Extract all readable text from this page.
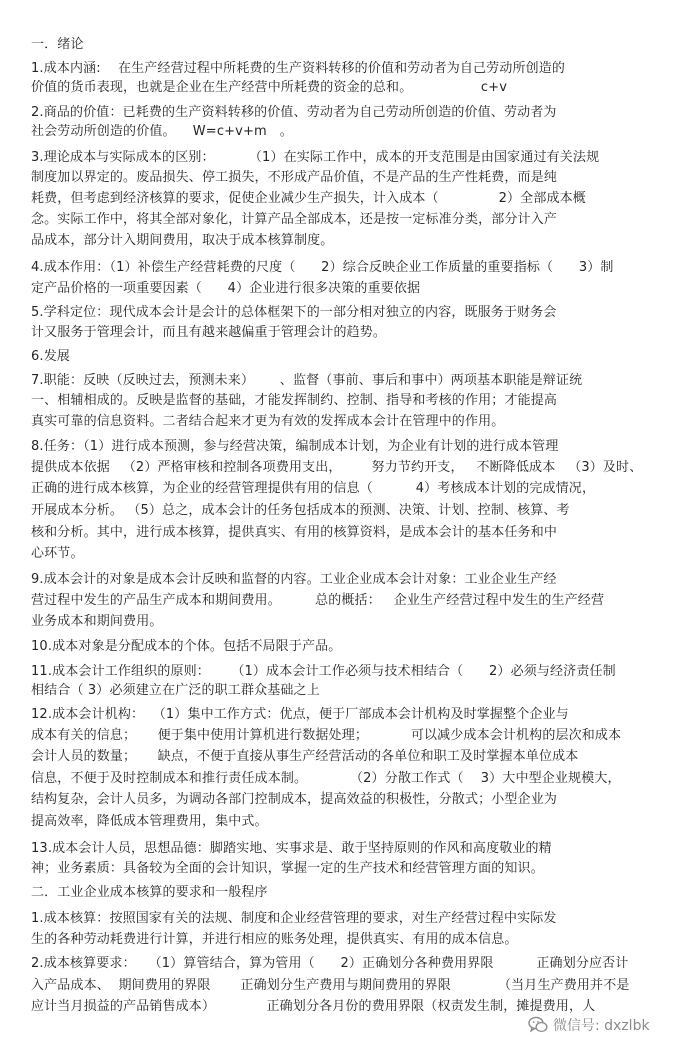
一．绪论

1.成本内涵:    在生产经营过程中所耗费的生产资料转移的价值和劳动者为自己劳动所创造的

价值的货币表现，也就是企业在生产经营中所耗费的资金的总和。                c+v

2.商品的价值：已耗费的生产资料转移的价值、劳动者为自己劳动所创造的价值、劳动者为

社会劳动所创造的价值。    W=c+v+m   。

3.理论成本与实际成本的区别：        （1）在实际工作中，成本的开支范围是由国家通过有关法规

制度加以界定的。废品损失、停工损失，不形成产品价值，不是产品的生产性耗费，而是纯

耗费，但考虑到经济核算的要求，促使企业减少生产损失，计入成本（              2）全部成本概

念。实际工作中，将其全部对象化，计算产品全部成本，还是按一定标准分类，部分计入产

品成本，部分计入期间费用，取决于成本核算制度。

4.成本作用：（1）补偿生产经营耗费的尺度（      2）综合反映企业工作质量的重要指标（      3）制

定产品价格的一项重要因素（      4）企业进行很多决策的重要依据

5.学科定位：现代成本会计是会计的总体框架下的一部分相对独立的内容，既服务于财务会

计又服务于管理会计，而且有越来越偏重于管理会计的趋势。

6.发展

7.职能：反映（反映过去，预测未来）      、监督（事前、事后和事中）两项基本职能是辩证统

一、相辅相成的。反映是监督的基础，才能发挥制约、控制、指导和考核的作用；才能提高

真实可靠的信息资料。二者结合起来才更为有效的发挥成本会计在管理中的作用。

8.任务：（1）进行成本预测，参与经营决策，编制成本计划，为企业有计划的进行成本管理

提供成本依据   （2）严格审核和控制各项费用支出，       努力节约开支，   不断降低成本   （3）及时、

正确的进行成本核算，为企业的经营管理提供有用的信息（          4）考核成本计划的完成情况，

开展成本分析。 （5）总之，成本会计的任务包括成本的预测、决策、计划、控制、核算、考

核和分析。其中，进行成本核算，提供真实、有用的核算资料，是成本会计的基本任务和中

心环节。

9.成本会计的对象是成本会计反映和监督的内容。工业企业成本会计对象：工业企业生产经

营过程中发生的产品生产成本和期间费用。        总的概括：   企业生产经营过程中发生的生产经营

业务成本和期间费用。

10.成本对象是分配成本的个体。包括不局限于产品。

11.成本会计工作组织的原则：     （1）成本会计工作必须与技术相结合（      2）必须与经济责任制

相结合（ 3）必须建立在广泛的职工群众基础之上

12.成本会计机构：  （1）集中工作方式：优点，便于厂部成本会计机构及时掌握整个企业与

成本有关的信息；     便于集中使用计算机进行数据处理；          可以减少成本会计机构的层次和成本

会计人员的数量；     缺点，不便于直接从事生产经营活动的各单位和职工及时掌握本单位成本

信息，不便于及时控制成本和推行责任成本制。          （2）分散工作式（    3）大中型企业规模大，

结构复杂，会计人员多，为调动各部门控制成本，提高效益的积极性，分散式；小型企业为

提高效率，降低成本管理费用，集中式。

13.成本会计人员，思想品德：脚踏实地、实事求是、敢于坚持原则的作风和高度敬业的精

神；业务素质：具备较为全面的会计知识，掌握一定的生产技术和经营管理方面的知识。

二．工业企业成本核算的要求和一般程序

1.成本核算：按照国家有关的法规、制度和企业经营管理的要求，对生产经营过程中实际发

生的各种劳动耗费进行计算，并进行相应的账务处理，提供真实、有用的成本信息。

2.成本核算要求：   （1）算管结合，算为管用（      2）正确划分各种费用界限          正确划分应否计

入产品成本、  期间费用的界限       正确划分生产费用与期间费用的界限           （当月生产费用并不是

应计当月损益的产品销售成本）            正确划分各月份的费用界限（权责发生制，摊提费用，人

微信号: dxzlbk
